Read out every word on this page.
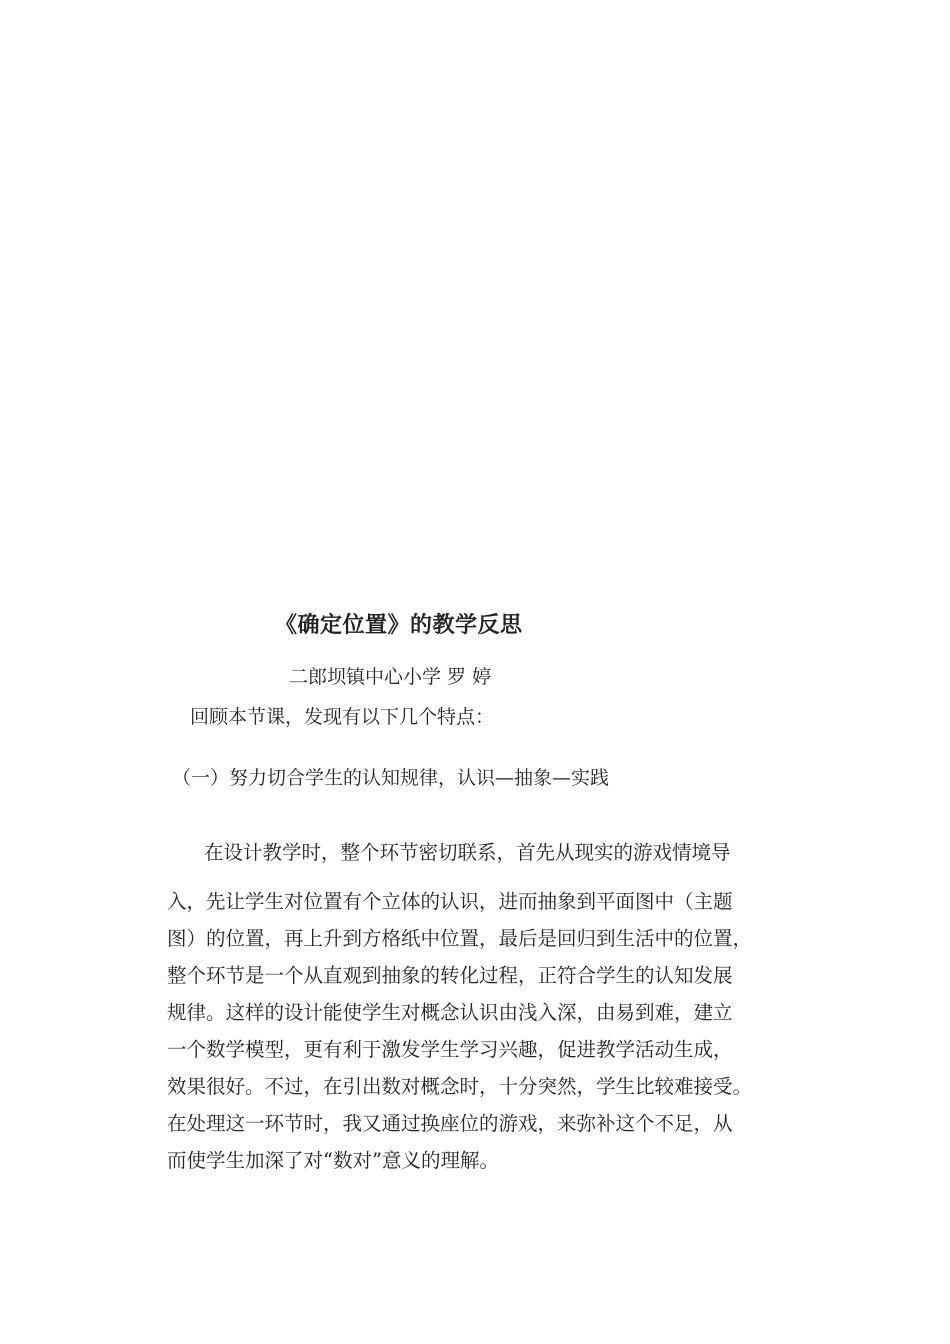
《确定位置》的教学反思
二郎坝镇中心小学 罗 婷
回顾本节课，发现有以下几个特点：
（一）努力切合学生的认知规律，认识—抽象—实践
在设计教学时，整个环节密切联系，首先从现实的游戏情境导
入，先让学生对位置有个立体的认识，进而抽象到平面图中（主题
图）的位置，再上升到方格纸中位置，最后是回归到生活中的位置，
整个环节是一个从直观到抽象的转化过程，正符合学生的认知发展
规律。这样的设计能使学生对概念认识由浅入深，由易到难，建立
一个数学模型，更有利于激发学生学习兴趣，促进教学活动生成，
效果很好。不过，在引出数对概念时，十分突然，学生比较难接受。
在处理这一环节时，我又通过换座位的游戏，来弥补这个不足，从
而使学生加深了对“数对”意义的理解。
